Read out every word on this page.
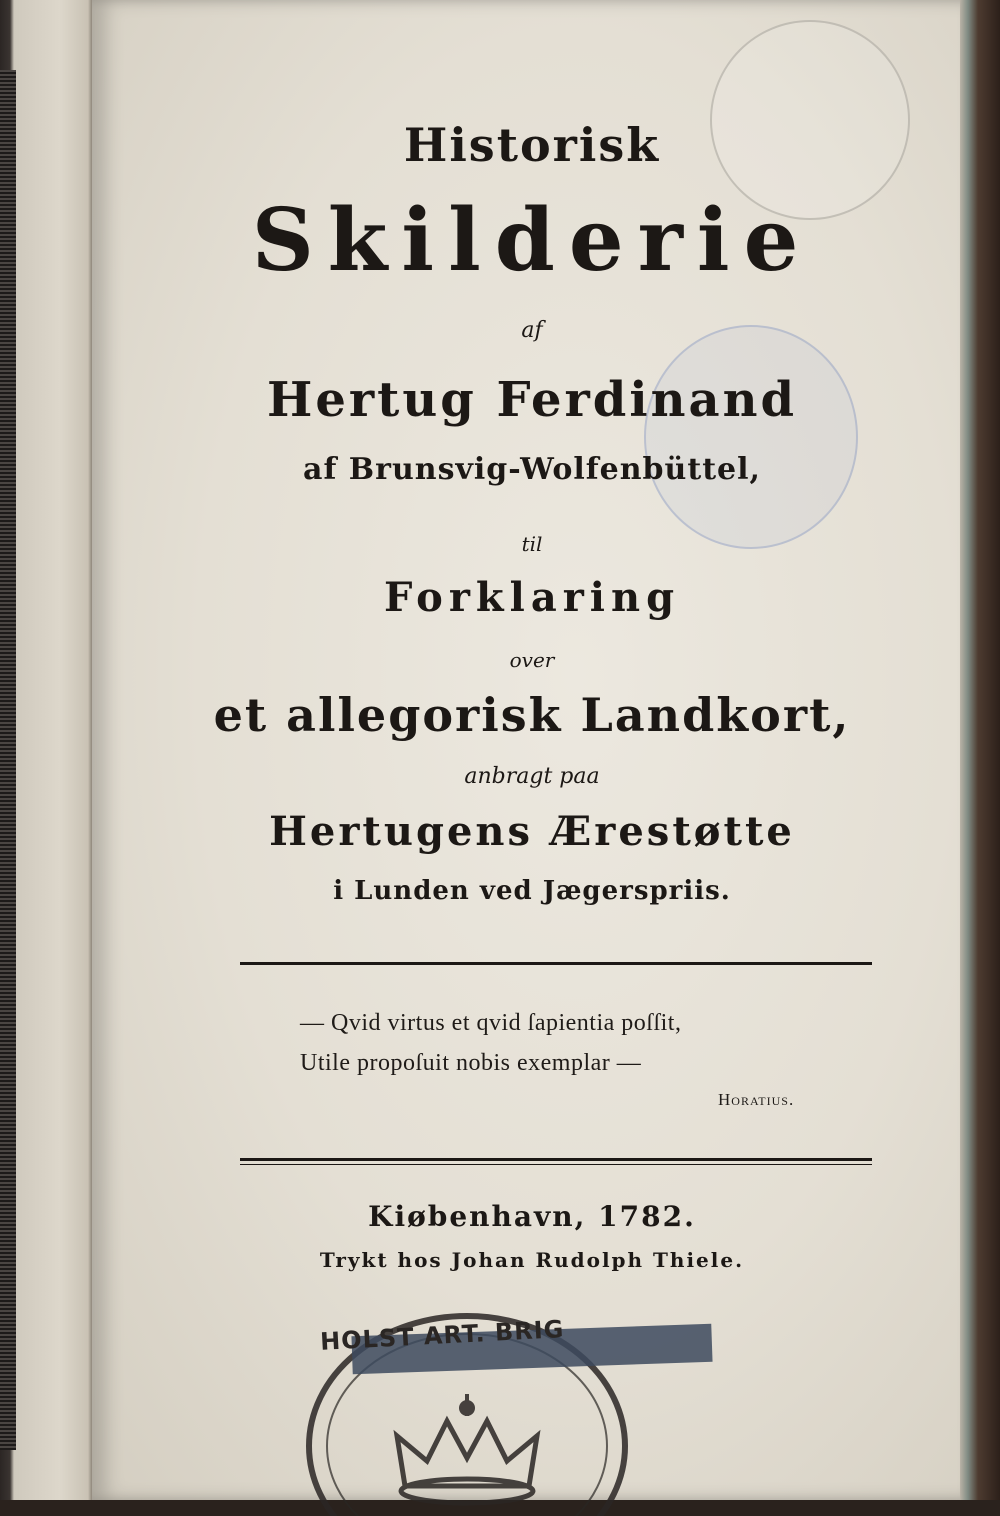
Historisk
Skilderie
af
Hertug Ferdinand
af Brunsvig-Wolfenbüttel,
til
Forklaring
over
et allegorisk Landkort,
anbragt paa
Hertugens Ærestøtte
i Lunden ved Jægerspriis.
— Qvid virtus et qvid ſapientia poſſit,
Utile propoſuit nobis exemplar —
Horatius.
Kiøbenhavn, 1782.
Trykt hos Johan Rudolph Thiele.
HOLST ART. BRIG
